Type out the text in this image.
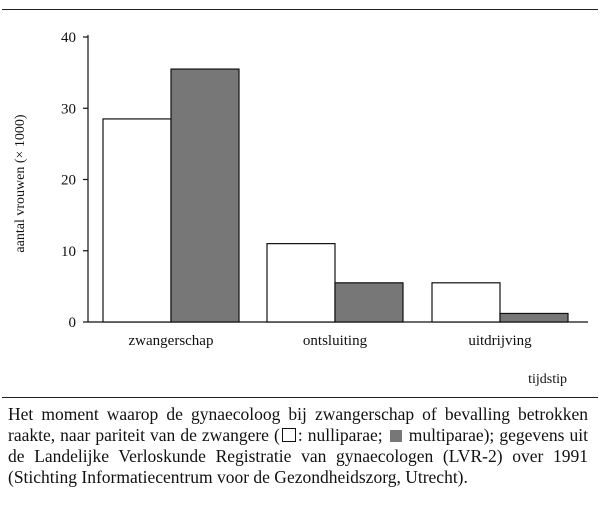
0
10
20
30
40
zwangerschap	ontsluiting	uitdrijving
aantal vrouwen (× 1000)
tijdstip
Het moment waarop de gynaecoloog bij zwangerschap of bevalling betrokken raakte, naar pariteit van de zwangere ( : nulliparae; multiparae); gegevens uit de Landelijke Verloskunde Registratie van gynaecologen (LVR-2) over 1991 (Stichting Informatiecentrum voor de Gezondheidszorg, Utrecht).
